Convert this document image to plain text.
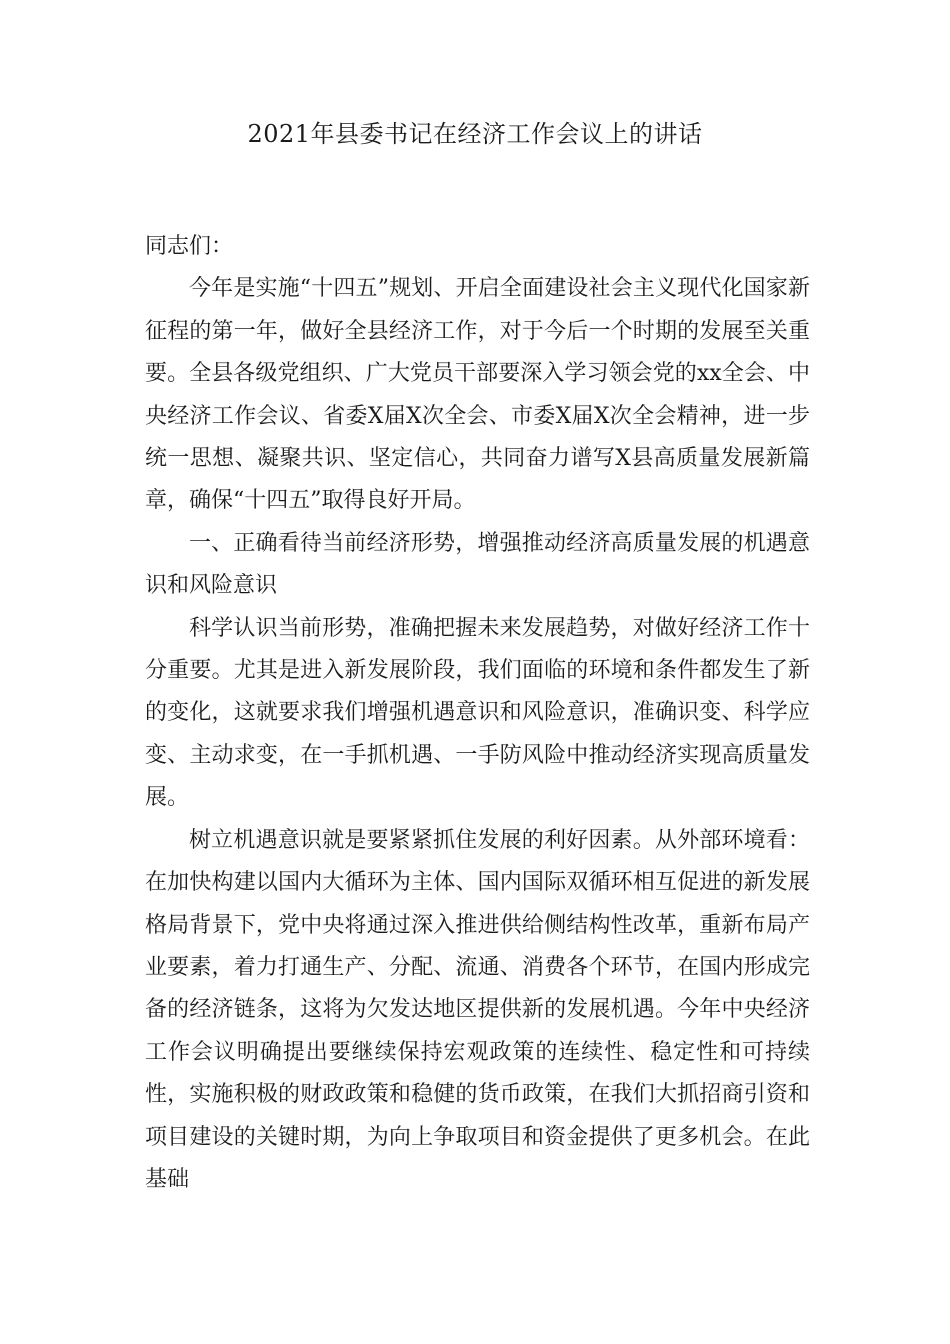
2021年县委书记在经济工作会议上的讲话

同志们：

今年是实施“十四五”规划、开启全面建设社会主义现代化国家新征程的第一年，做好全县经济工作，对于今后一个时期的发展至关重要。全县各级党组织、广大党员干部要深入学习领会党的xx全会、中央经济工作会议、省委X届X次全会、市委X届X次全会精神，进一步统一思想、凝聚共识、坚定信心，共同奋力谱写X县高质量发展新篇章，确保“十四五”取得良好开局。

一、正确看待当前经济形势，增强推动经济高质量发展的机遇意识和风险意识

科学认识当前形势，准确把握未来发展趋势，对做好经济工作十分重要。尤其是进入新发展阶段，我们面临的环境和条件都发生了新的变化，这就要求我们增强机遇意识和风险意识，准确识变、科学应变、主动求变，在一手抓机遇、一手防风险中推动经济实现高质量发展。

树立机遇意识就是要紧紧抓住发展的利好因素。从外部环境看：在加快构建以国内大循环为主体、国内国际双循环相互促进的新发展格局背景下，党中央将通过深入推进供给侧结构性改革，重新布局产业要素，着力打通生产、分配、流通、消费各个环节，在国内形成完备的经济链条，这将为欠发达地区提供新的发展机遇。今年中央经济工作会议明确提出要继续保持宏观政策的连续性、稳定性和可持续性，实施积极的财政政策和稳健的货币政策，在我们大抓招商引资和项目建设的关键时期，为向上争取项目和资金提供了更多机会。在此基础
